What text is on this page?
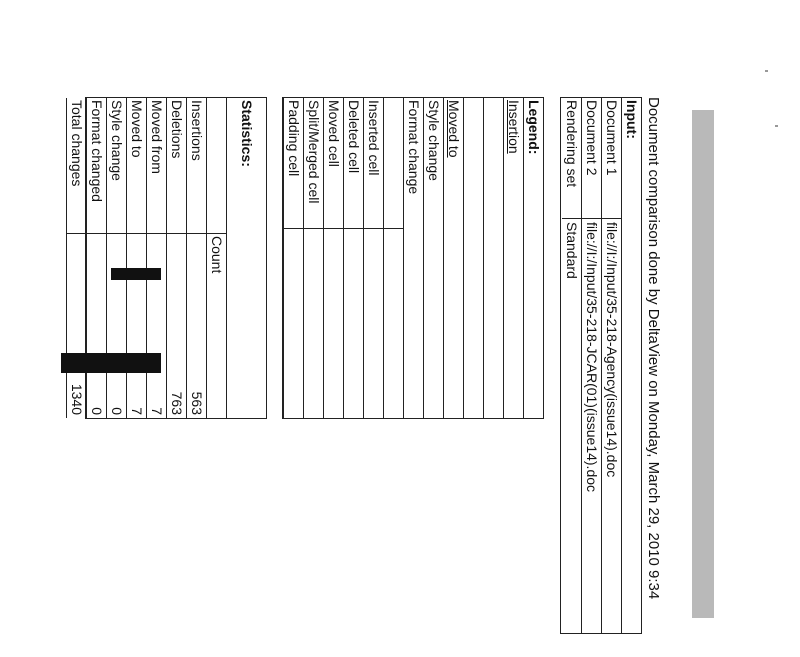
Document comparison done by DeltaView on Monday, March 29, 2010 9:34
Input:
Document 1
file://I:/Input/35-218-Agency(issue14).doc
Document 2
file://I:/Input/35-218-JCAR(01)(issue14).doc
Rendering set
Standard
Legend:
Insertion
Moved to
Style change
Format change
Inserted cell
Deleted cell
Moved cell
Split/Merged cell
Padding cell
Statistics:
Count
Insertions
563
Deletions
763
Moved from
7
Moved to
7
Style change
0
Format changed
0
Total changes
1340
